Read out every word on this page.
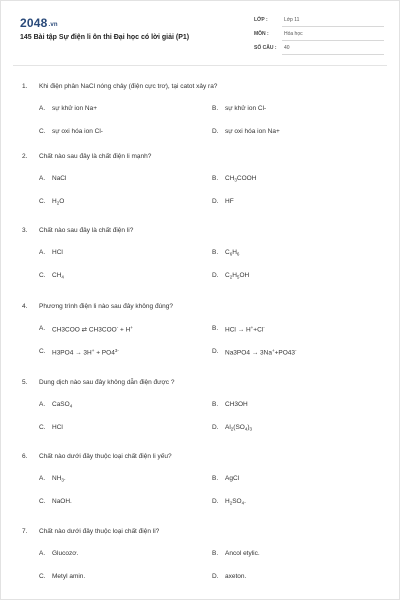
2048.vn
145 Bài tập Sự điện li ôn thi Đại học có lời giải (P1)
LỚP :	Lớp 11
MÔN :	Hóa học
SỐ CÂU : 40
1. Khi điện phân NaCl nóng chảy (điện cực trơ), tại catot xảy ra?
A. sự khử ion Na+	B. sự khử ion Cl-
C. sự oxi hóa ion Cl-	D. sự oxi hóa ion Na+
2. Chất nào sau đây là chất điện li mạnh?
A. NaCl	B. $CH_3COOH$
C. $H_2O$	D. HF
3. Chất nào sau đây là chất điện li?
A. HCl	B. $C_6H_6$
C. $CH_4$	D. $C_2H_5OH$
4. Phương trình điện li nào sau đây không đúng?
A. CH3COO ⇄ CH3COO- + H+	B. HCl → H++Cl-
C. $H3PO4 \to 3H^+ + PO4^{3-}$	D. Na3PO4 → 3Na++PO43-
5. Dung dịch nào sau đây không dẫn điện được ?
A. CaSO$_4$	B. CH3OH
C. HCl	D. $Al_2(SO_4)_3$
6. Chất nào dưới đây thuộc loại chất điện li yếu?
A. $NH_3$.	B. AgCl
C. NaOH.	D. $H_2SO_4$.
7. Chất nào dưới đây thuộc loại chất điện li?
A. Glucozơ.	B. Ancol etylic.
C. Metyl amin.	D. axeton.
